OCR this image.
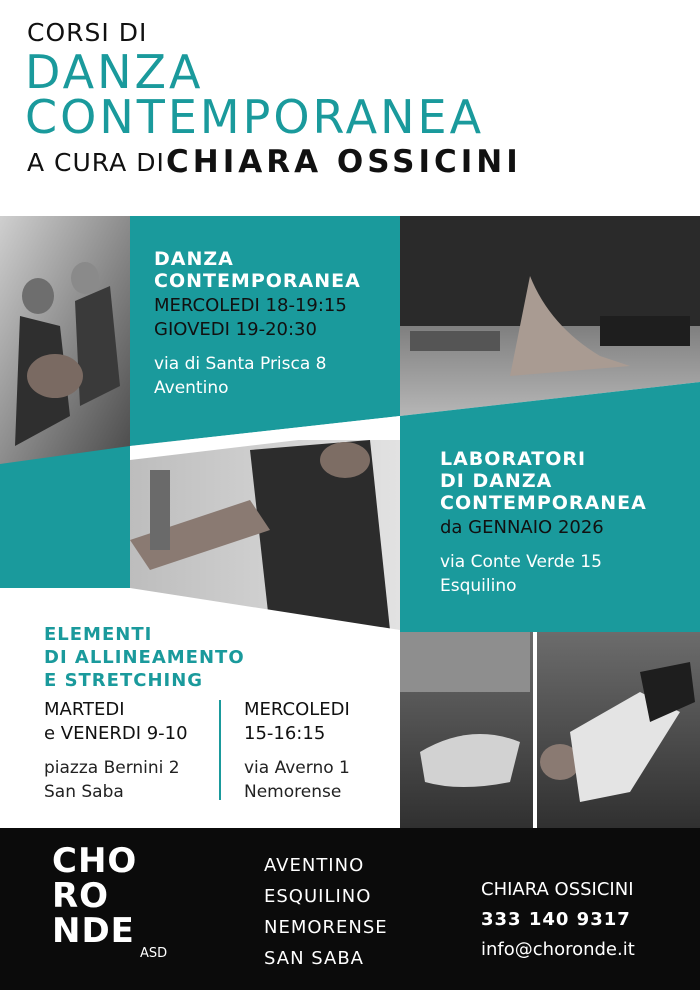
CORSI DI
DANZA
CONTEMPORANEA
A CURA DI CHIARA OSSICINI
DANZA
CONTEMPORANEA
MERCOLEDI 18-19:15
GIOVEDI 19-20:30
via di Santa Prisca 8
Aventino
LABORATORI
DI DANZA
CONTEMPORANEA
da GENNAIO 2026
via Conte Verde 15
Esquilino
ELEMENTI
DI ALLINEAMENTO
E STRETCHING
MARTEDI
e VENERDI 9-10
piazza Bernini 2
San Saba
MERCOLEDI
15-16:15
via Averno 1
Nemorense
CHO
RO
NDE
ASD
AVENTINO
ESQUILINO
NEMORENSE
SAN SABA
CHIARA OSSICINI
333 140 9317
info@choronde.it
